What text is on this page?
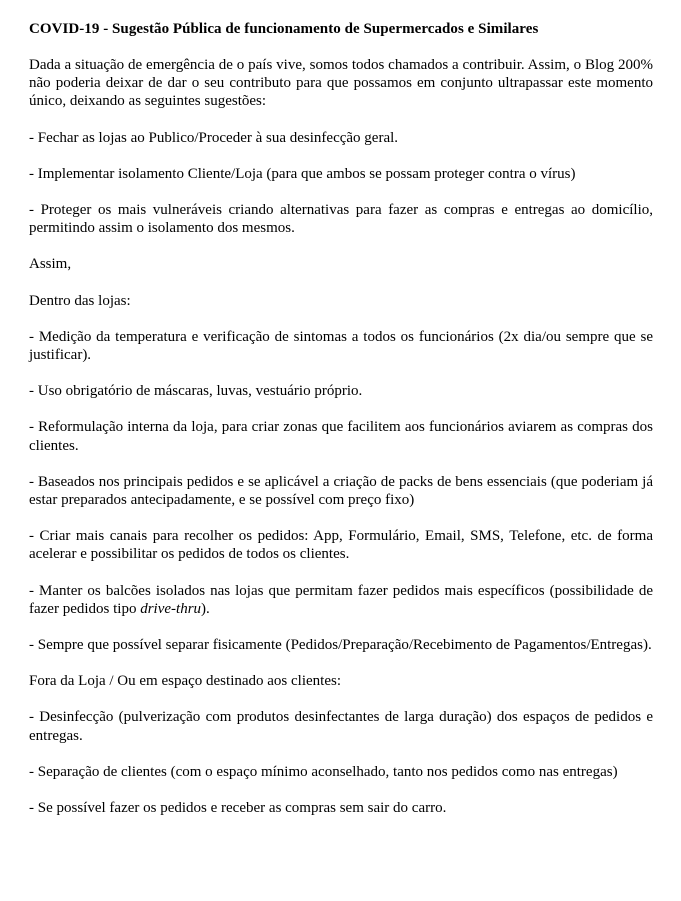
COVID-19 - Sugestão Pública de funcionamento de Supermercados e Similares

Dada a situação de emergência de o país vive, somos todos chamados a contribuir. Assim, o Blog 200% não poderia deixar de dar o seu contributo para que possamos em conjunto ultrapassar este momento único, deixando as seguintes sugestões:

- Fechar as lojas ao Publico/Proceder à sua desinfecção geral.

- Implementar isolamento Cliente/Loja (para que ambos se possam proteger contra o vírus)

- Proteger os mais vulneráveis criando alternativas para fazer as compras e entregas ao domicílio, permitindo assim o isolamento dos mesmos.

Assim,

Dentro das lojas:

- Medição da temperatura e verificação de sintomas a todos os funcionários (2x dia/ou sempre que se justificar).

- Uso obrigatório de máscaras, luvas, vestuário próprio.

- Reformulação interna da loja, para criar zonas que facilitem aos funcionários aviarem as compras dos clientes.

- Baseados nos principais pedidos e se aplicável a criação de packs de bens essenciais (que poderiam já estar preparados antecipadamente, e se possível com preço fixo)

- Criar mais canais para recolher os pedidos: App, Formulário, Email, SMS, Telefone, etc. de forma acelerar e possibilitar os pedidos de todos os clientes.

- Manter os balcões isolados nas lojas que permitam fazer pedidos mais específicos (possibilidade de fazer pedidos tipo drive-thru).

- Sempre que possível separar fisicamente (Pedidos/Preparação/Recebimento de Pagamentos/Entregas).

Fora da Loja / Ou em espaço destinado aos clientes:

- Desinfecção (pulverização com produtos desinfectantes de larga duração) dos espaços de pedidos e entregas.

- Separação de clientes (com o espaço mínimo aconselhado, tanto nos pedidos como nas entregas)

- Se possível fazer os pedidos e receber as compras sem sair do carro.
